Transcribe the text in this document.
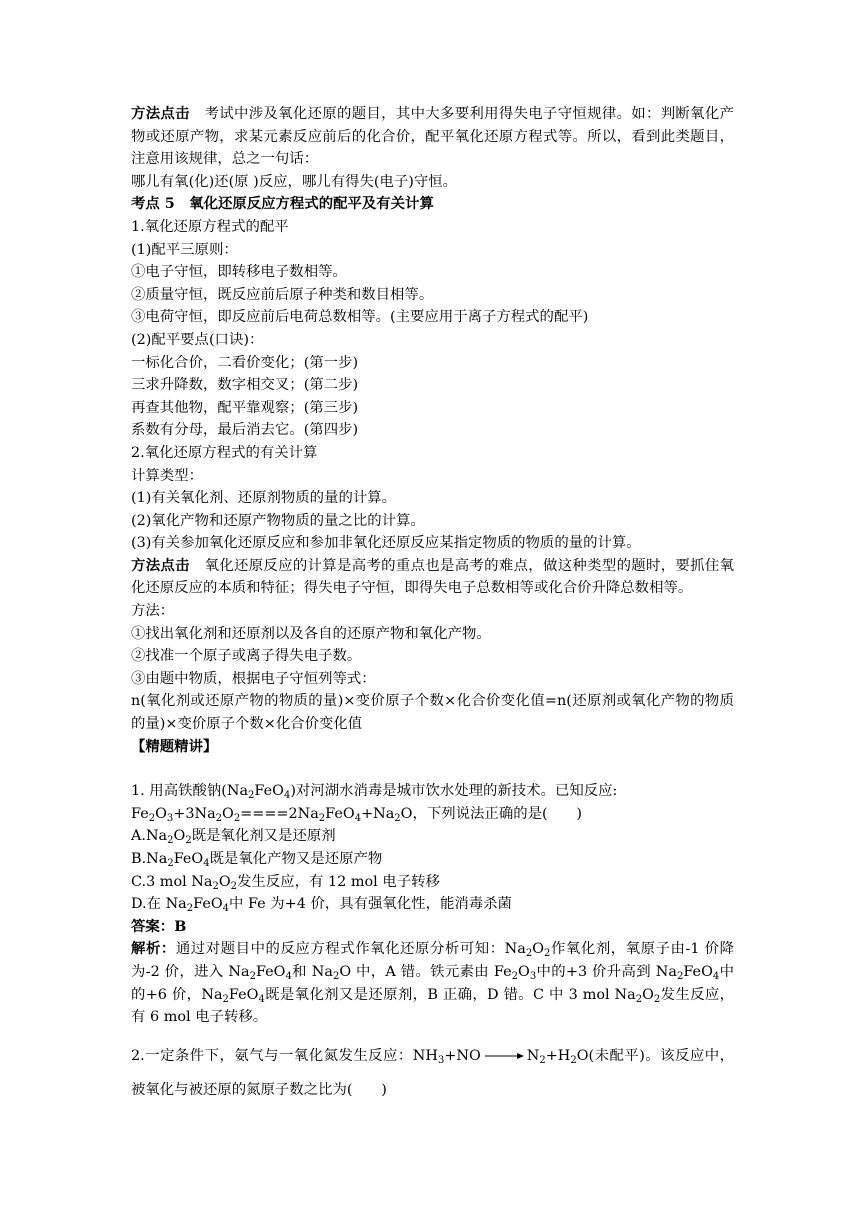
方法点击　 考试中涉及氧化还原的题目，其中大多要利用得失电子守恒规律。如：判断氧化产物或还原产物，求某元素反应前后的化合价，配平氧化还原方程式等。所以，看到此类题目，注意用该规律，总之一句话：

哪儿有氧(化)还(原 )反应，哪儿有得失(电子)守恒。

考点 5　氧化还原反应方程式的配平及有关计算

1.氧化还原方程式的配平

(1)配平三原则：

①电子守恒，即转移电子数相等。

②质量守恒，既反应前后原子种类和数目相等。

③电荷守恒，即反应前后电荷总数相等。(主要应用于离子方程式的配平)

(2)配平要点(口诀)：

一标化合价，二看价变化；(第一步)

三求升降数，数字相交叉；(第二步)

再查其他物，配平靠观察；(第三步)

系数有分母，最后消去它。(第四步)

2.氧化还原方程式的有关计算

计算类型：

(1)有关氧化剂、还原剂物质的量的计算。

(2)氧化产物和还原产物物质的量之比的计算。

(3)有关参加氧化还原反应和参加非氧化还原反应某指定物质的物质的量的计算。

方法点击　 氧化还原反应的计算是高考的重点也是高考的难点，做这种类型的题时，要抓住氧化还原反应的本质和特征；得失电子守恒，即得失电子总数相等或化合价升降总数相等。

方法：

①找出氧化剂和还原剂以及各自的还原产物和氧化产物。

②找准一个原子或离子得失电子数。

③由题中物质，根据电子守恒列等式：

n(氧化剂或还原产物的物质的量)×变价原子个数×化合价变化值=n(还原剂或氧化产物的物质的量)×变价原子个数×化合价变化值

【精题精讲】

1. 用高铁酸钠$(Na_2FeO_4)$对河湖水消毒是城市饮水处理的新技术。已知反应:

$Fe_2O_3+3Na_2O_2====2Na_2FeO_4+Na_2O$，下列说法正确的是(　　)

$A.Na_2O_2$既是氧化剂又是还原剂

$B.Na_2FeO_4$既是氧化产物又是还原产物

C.3 mol $Na_2O_2$发生反应，有 12 mol 电子转移

D.在 $Na_2FeO_4$中 Fe 为+4 价，具有强氧化性，能消毒杀菌

答案：B

解析：通过对题目中的反应方程式作氧化还原分析可知：$Na_2O_2$作氧化剂，氧原子由-1 价降为-2 价，进入 $Na_2FeO_4$和 $Na_2O$ 中，A 错。铁元素由 $Fe_2O_3$中的+3 价升高到 $Na_2FeO_4$中的+6 价，$Na_2FeO_4$既是氧化剂又是还原剂，B 正确，D 错。C 中 3 mol $Na_2O_2$发生反应，有 6 mol 电子转移。

2.一定条件下，氨气与一氧化氮发生反应：$NH_3+NO \to N_2+H_2O$(未配平)。该反应中，被氧化与被还原的氮原子数之比为(　　)
